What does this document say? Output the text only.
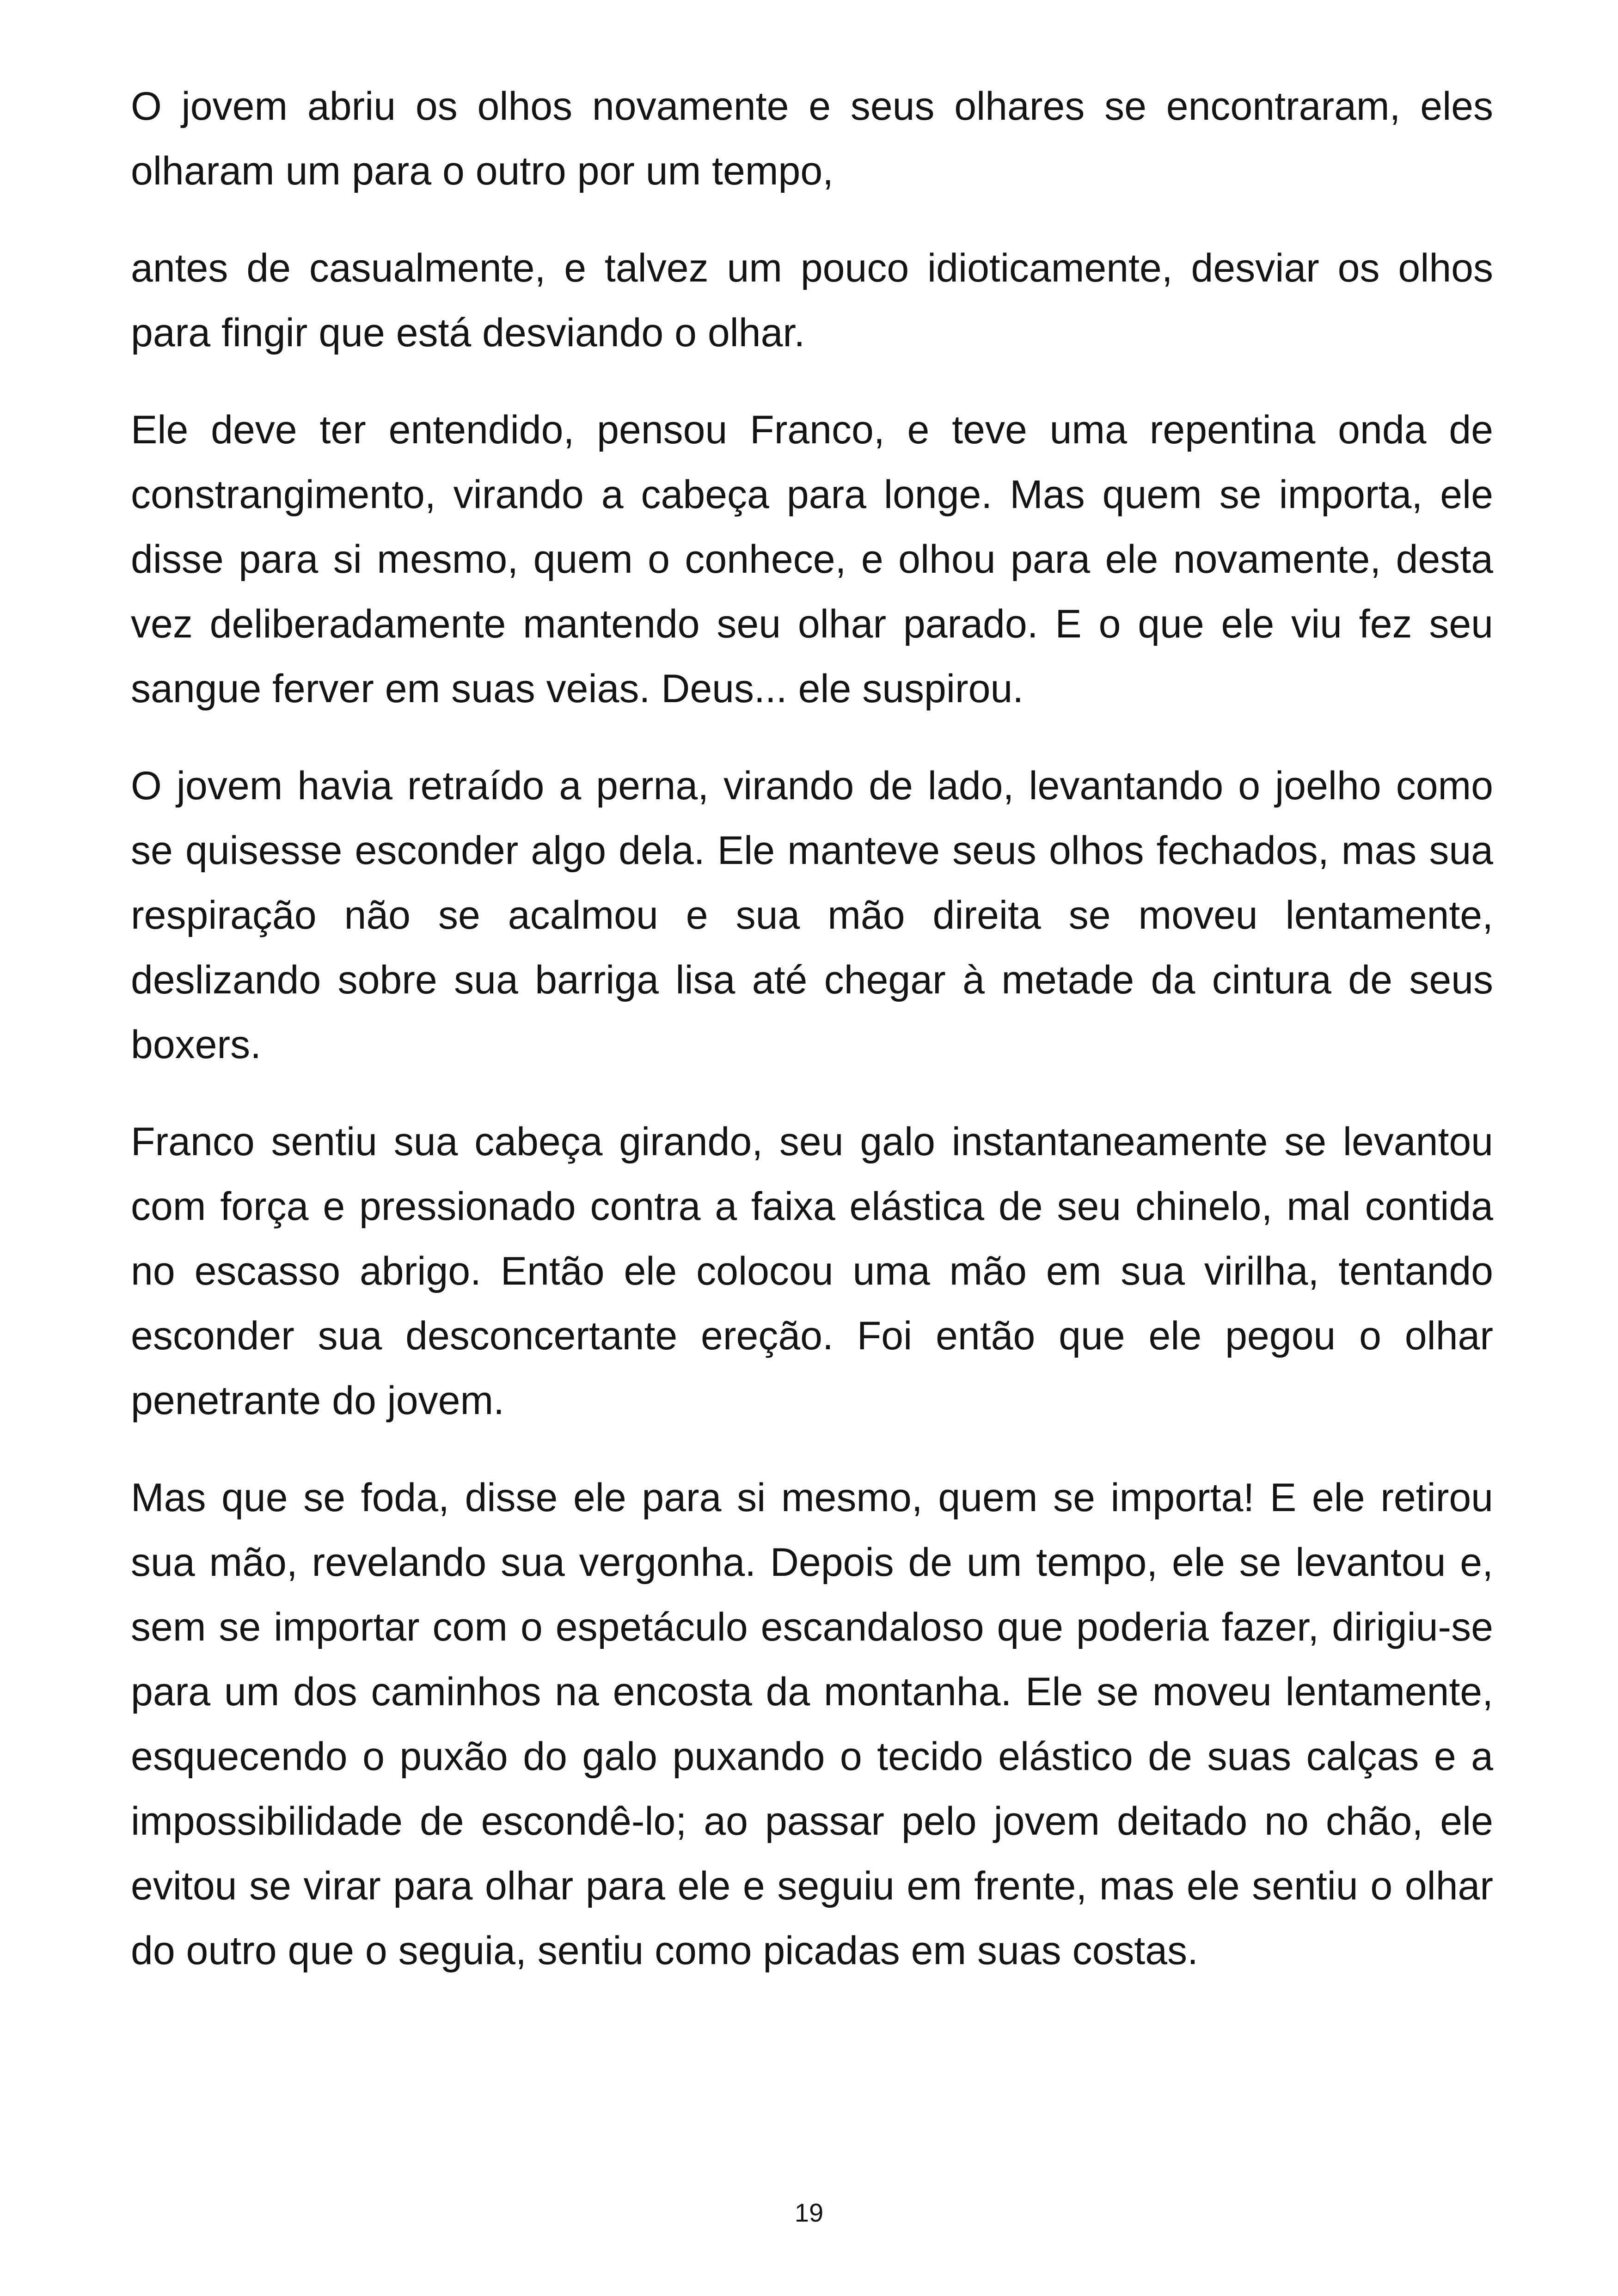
O jovem abriu os olhos novamente e seus olhares se encontraram, eles olharam um para o outro por um tempo,

antes de casualmente, e talvez um pouco idioticamente, desviar os olhos para fingir que está desviando o olhar.

Ele deve ter entendido, pensou Franco, e teve uma repentina onda de constrangimento, virando a cabeça para longe. Mas quem se importa, ele disse para si mesmo, quem o conhece, e olhou para ele novamente, desta vez deliberadamente mantendo seu olhar parado. E o que ele viu fez seu sangue ferver em suas veias. Deus... ele suspirou.

O jovem havia retraído a perna, virando de lado, levantando o joelho como se quisesse esconder algo dela. Ele manteve seus olhos fechados, mas sua respiração não se acalmou e sua mão direita se moveu lentamente, deslizando sobre sua barriga lisa até chegar à metade da cintura de seus boxers.

Franco sentiu sua cabeça girando, seu galo instantaneamente se levantou com força e pressionado contra a faixa elástica de seu chinelo, mal contida no escasso abrigo. Então ele colocou uma mão em sua virilha, tentando esconder sua desconcertante ereção. Foi então que ele pegou o olhar penetrante do jovem.

Mas que se foda, disse ele para si mesmo, quem se importa! E ele retirou sua mão, revelando sua vergonha. Depois de um tempo, ele se levantou e, sem se importar com o espetáculo escandaloso que poderia fazer, dirigiu-se para um dos caminhos na encosta da montanha. Ele se moveu lentamente, esquecendo o puxão do galo puxando o tecido elástico de suas calças e a impossibilidade de escondê-lo; ao passar pelo jovem deitado no chão, ele evitou se virar para olhar para ele e seguiu em frente, mas ele sentiu o olhar do outro que o seguia, sentiu como picadas em suas costas.

19
